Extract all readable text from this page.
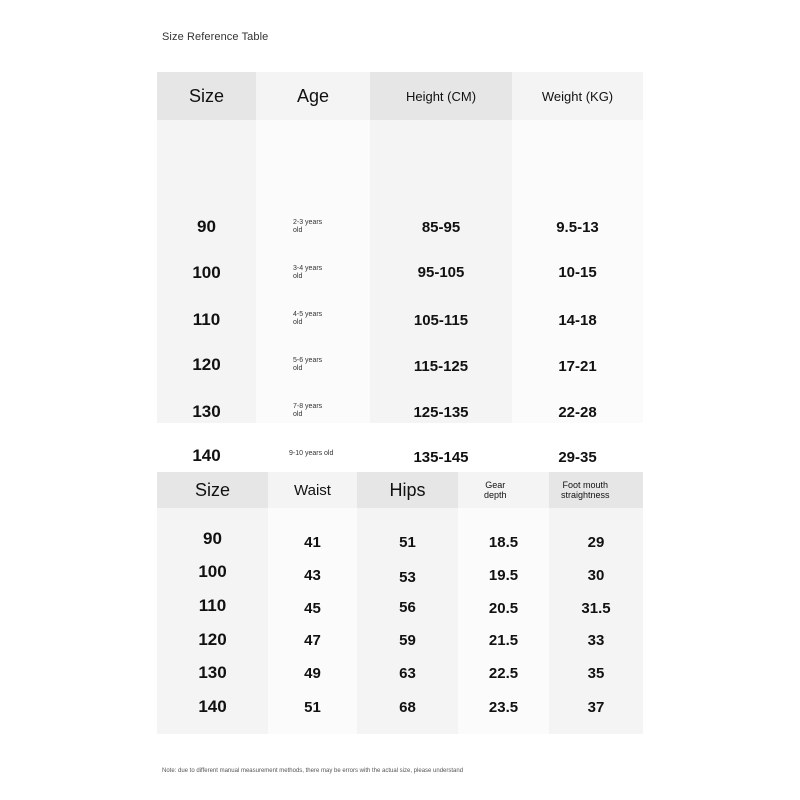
Size Reference Table
Size
90
100
110
120
130
140
Age
2-3 years
old
3-4 years
old
4-5 years
old
5-6 years
old
7-8 years
old
9-10 years old
Height (CM)
85-95
95-105
105-115
115-125
125-135
135-145
Weight (KG)
9.5-13
10-15
14-18
17-21
22-28
29-35
Size
90
100
110
120
130
140
Waist
41
43
45
47
49
51
Hips
51
53
56
59
63
68
Gear
depth
18.5
19.5
20.5
21.5
22.5
23.5
Foot mouth
straightness
29
30
31.5
33
35
37
Note: due to different manual measurement methods, there may be errors with the actual size, please understand
